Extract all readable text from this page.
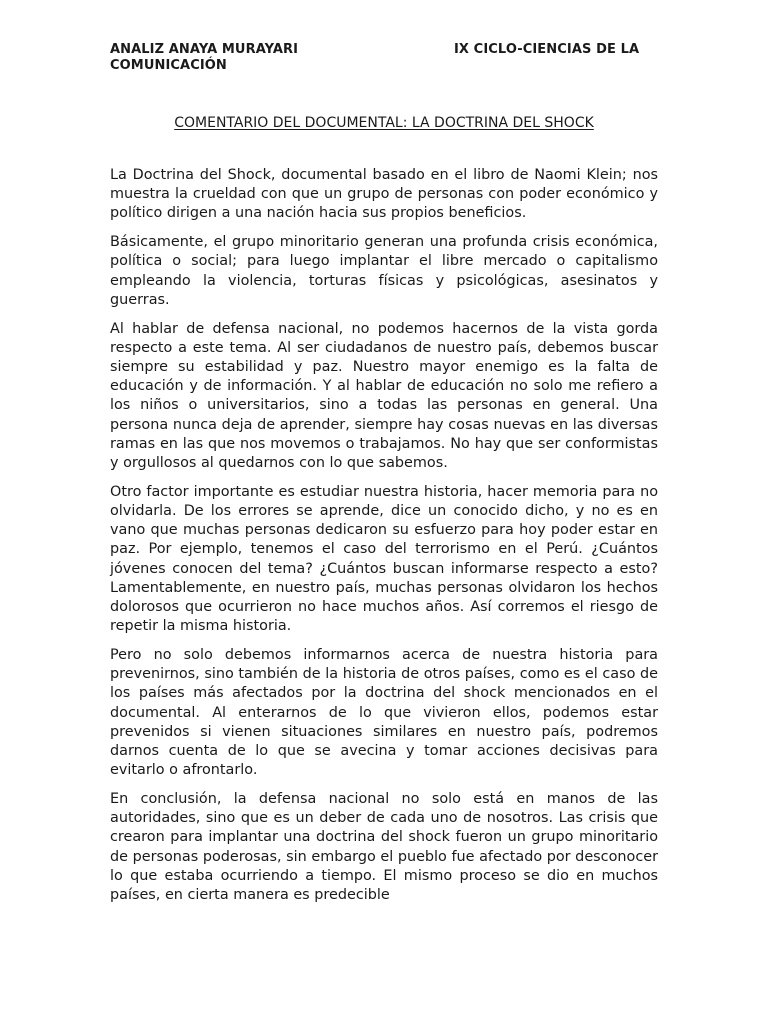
ANALIZ ANAYA MURAYARI
COMUNICACIÓN
IX CICLO-CIENCIAS DE LA
COMENTARIO DEL DOCUMENTAL: LA DOCTRINA DEL SHOCK

La Doctrina del Shock, documental basado en el libro de Naomi Klein; nos muestra la crueldad con que un grupo de personas con poder económico y político dirigen a una nación hacia sus propios beneficios.

Básicamente, el grupo minoritario generan una profunda crisis económica, política o social; para luego implantar el libre mercado o capitalismo empleando la violencia, torturas físicas y psicológicas, asesinatos y guerras.

Al hablar de defensa nacional, no podemos hacernos de la vista gorda respecto a este tema. Al ser ciudadanos de nuestro país, debemos buscar siempre su estabilidad y paz. Nuestro mayor enemigo es la falta de educación y de información. Y al hablar de educación no solo me refiero a los niños o universitarios, sino a todas las personas en general. Una persona nunca deja de aprender, siempre hay cosas nuevas en las diversas ramas en las que nos movemos o trabajamos. No hay que ser conformistas y orgullosos al quedarnos con lo que sabemos.

Otro factor importante es estudiar nuestra historia, hacer memoria para no olvidarla. De los errores se aprende, dice un conocido dicho, y no es en vano que muchas personas dedicaron su esfuerzo para hoy poder estar en paz. Por ejemplo, tenemos el caso del terrorismo en el Perú. ¿Cuántos jóvenes conocen del tema? ¿Cuántos buscan informarse respecto a esto? Lamentablemente, en nuestro país, muchas personas olvidaron los hechos dolorosos que ocurrieron no hace muchos años. Así corremos el riesgo de repetir la misma historia.

Pero no solo debemos informarnos acerca de nuestra historia para prevenirnos, sino también de la historia de otros países, como es el caso de los países más afectados por la doctrina del shock mencionados en el documental. Al enterarnos de lo que vivieron ellos, podemos estar prevenidos si vienen situaciones similares en nuestro país, podremos darnos cuenta de lo que se avecina y tomar acciones decisivas para evitarlo o afrontarlo.

En conclusión, la defensa nacional no solo está en manos de las autoridades, sino que es un deber de cada uno de nosotros. Las crisis que crearon para implantar una doctrina del shock fueron un grupo minoritario de personas poderosas, sin embargo el pueblo fue afectado por desconocer lo que estaba ocurriendo a tiempo. El mismo proceso se dio en muchos países, en cierta manera es predecible
